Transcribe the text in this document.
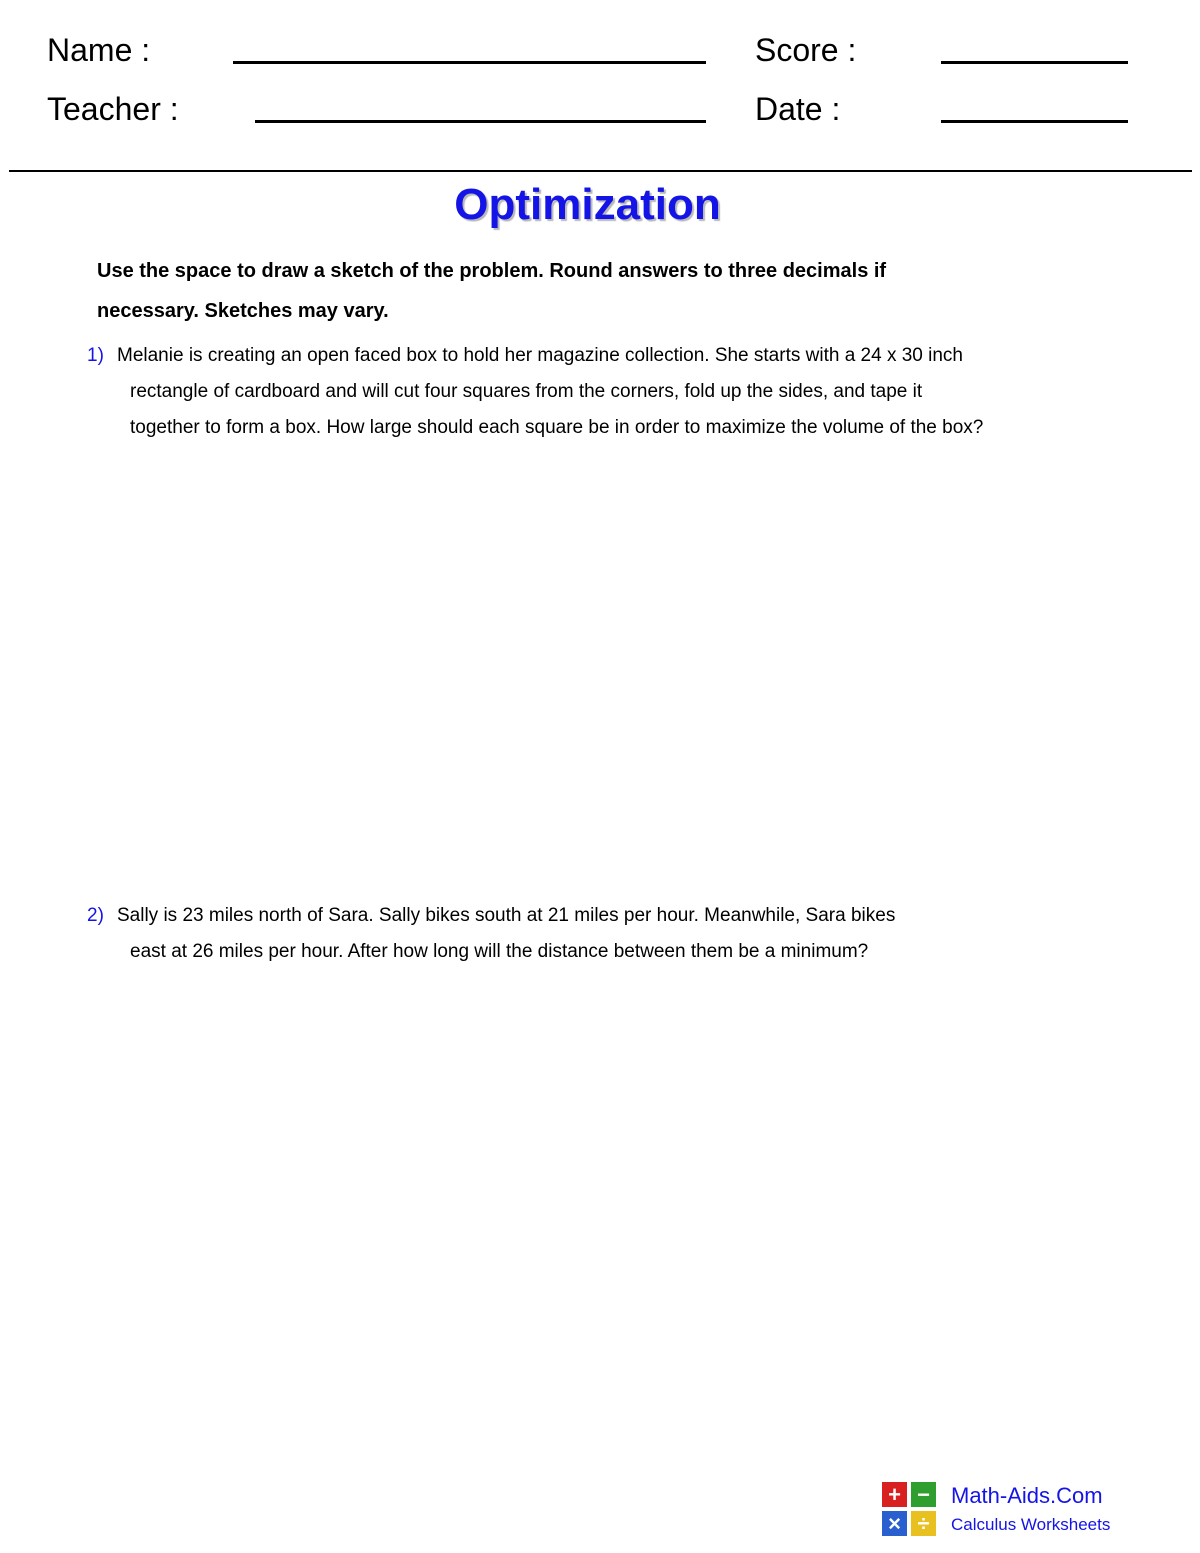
Name :	Score :
Teacher :	Date :
Optimization
Use the space to draw a sketch of the problem. Round answers to three decimals if
necessary. Sketches may vary.
1) Melanie is creating an open faced box to hold her magazine collection. She starts with a 24 x 30 inch
rectangle of cardboard and will cut four squares from the corners, fold up the sides, and tape it
together to form a box. How large should each square be in order to maximize the volume of the box?
2) Sally is 23 miles north of Sara. Sally bikes south at 21 miles per hour. Meanwhile, Sara bikes
east at 26 miles per hour. After how long will the distance between them be a minimum?
+ −
× ÷
Math-Aids.Com
Calculus Worksheets
